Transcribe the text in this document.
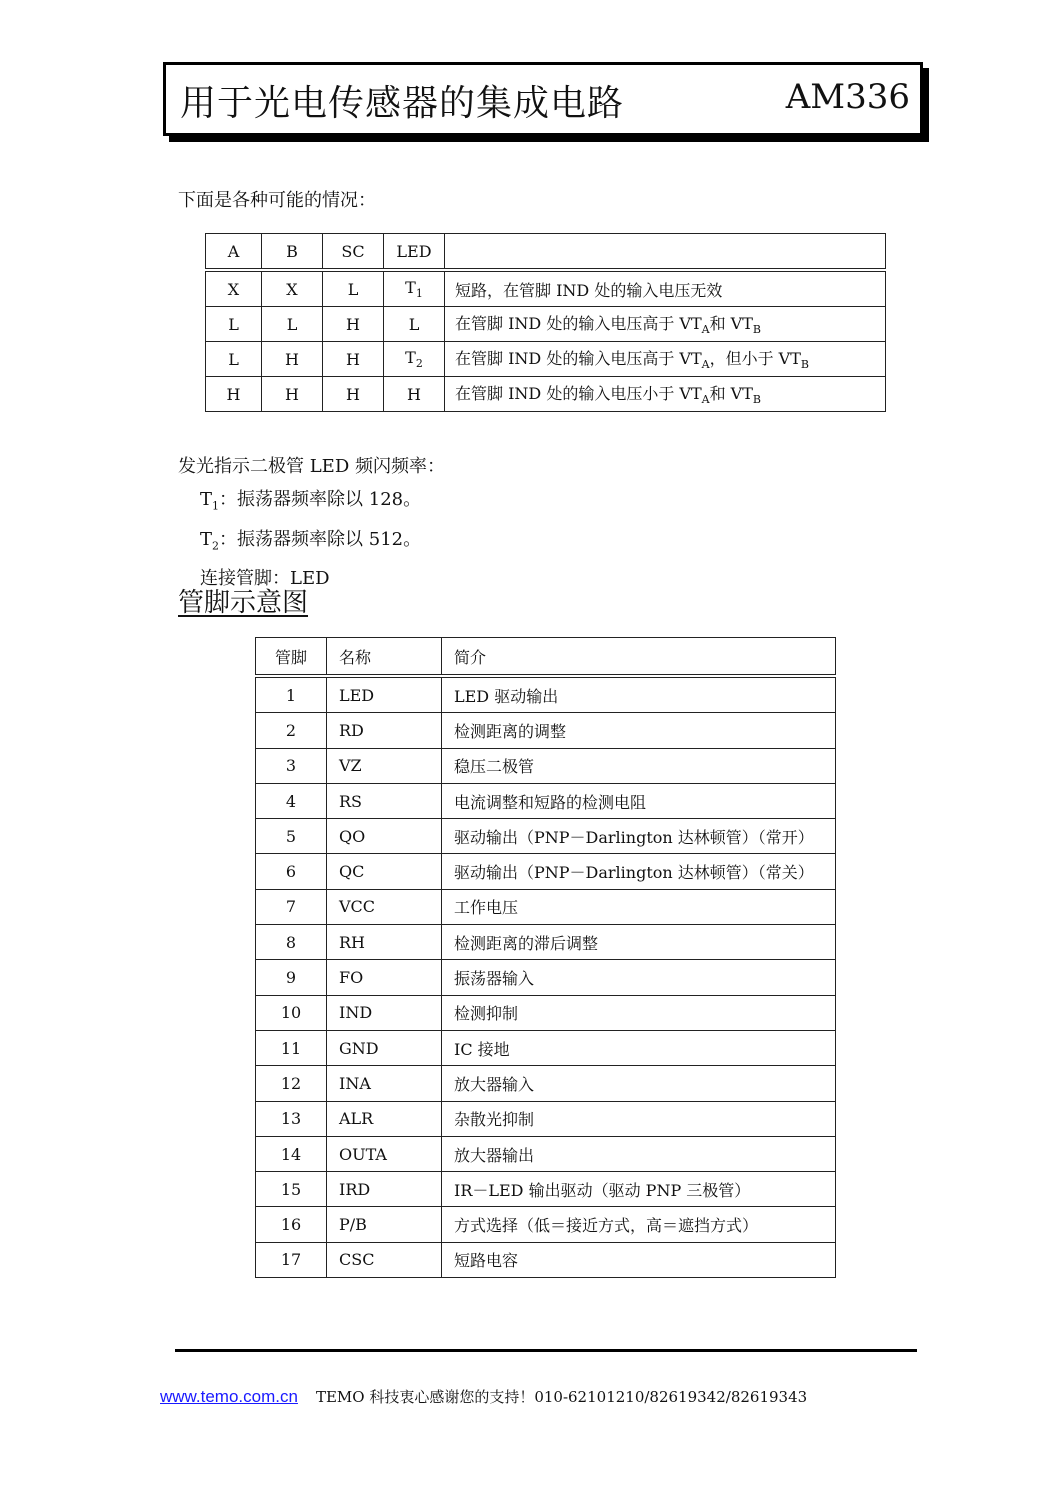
用于光电传感器的集成电路	AM336
下面是各种可能的情况：
A	B	SC	LED	
X	X	L	$T_1$	短路，在管脚 IND 处的输入电压无效
L	L	H	L	在管脚 IND 处的输入电压高于 $VT_A$和 $VT_B$
L	H	H	$T_2$	在管脚 IND 处的输入电压高于 $VT_A$，但小于 $VT_B$
H	H	H	H	在管脚 IND 处的输入电压小于 $VT_A$和 $VT_B$
发光指示二极管 LED 频闪频率：
$T_1$：振荡器频率除以 128。
$T_2$：振荡器频率除以 512。
连接管脚：LED
管脚示意图
管脚	名称	简介
1	LED	LED 驱动输出
2	RD	检测距离的调整
3	VZ	稳压二极管
4	RS	电流调整和短路的检测电阻
5	QO	驱动输出（PNP－Darlington 达林顿管）（常开）
6	QC	驱动输出（PNP－Darlington 达林顿管）（常关）
7	VCC	工作电压
8	RH	检测距离的滞后调整
9	FO	振荡器输入
10	IND	检测抑制
11	GND	IC 接地
12	INA	放大器输入
13	ALR	杂散光抑制
14	OUTA	放大器输出
15	IRD	IR－LED 输出驱动（驱动 PNP 三极管）
16	P/B	方式选择（低＝接近方式，高＝遮挡方式）
17	CSC	短路电容
www.temo.com.cn TEMO 科技衷心感谢您的支持！010-62101210/82619342/82619343
